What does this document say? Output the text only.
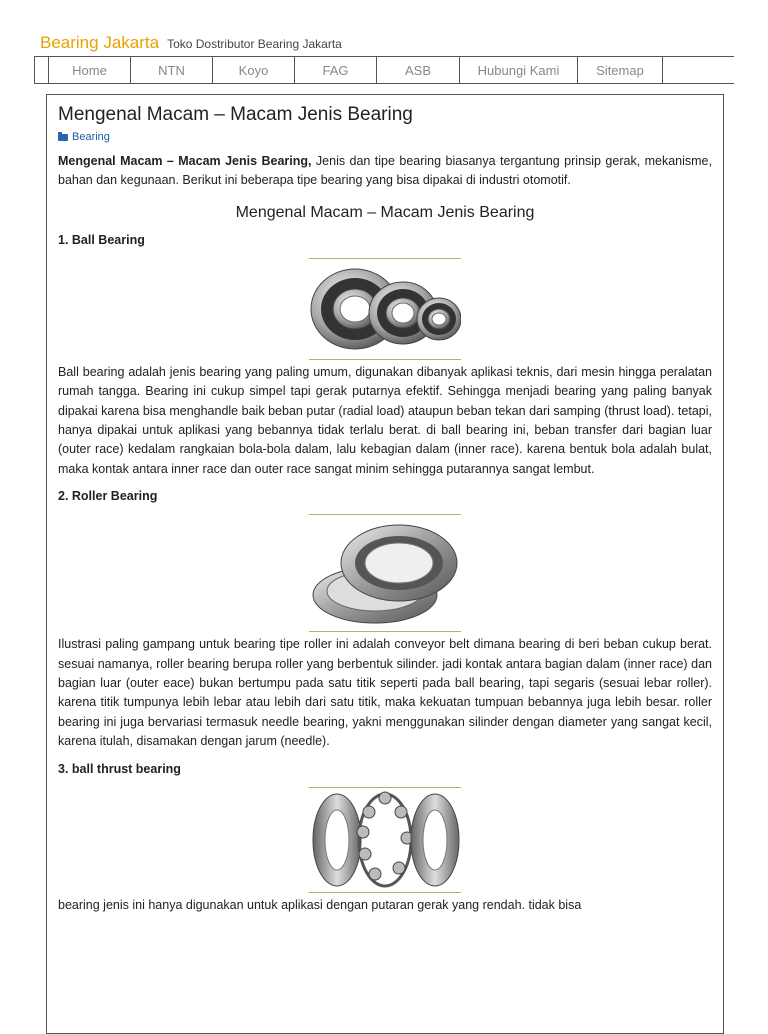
Bearing Jakarta Toko Dostributor Bearing Jakarta
Home	NTN	Koyo	FAG	ASB	Hubungi Kami	Sitemap
Mengenal Macam – Macam Jenis Bearing
Bearing

Mengenal Macam – Macam Jenis Bearing, Jenis dan tipe bearing biasanya tergantung prinsip gerak, mekanisme, bahan dan kegunaan. Berikut ini beberapa tipe bearing yang bisa dipakai di industri otomotif.

Mengenal Macam – Macam Jenis Bearing
1. Ball Bearing

Ball bearing adalah jenis bearing yang paling umum, digunakan dibanyak aplikasi teknis, dari mesin hingga peralatan rumah tangga. Bearing ini cukup simpel tapi gerak putarnya efektif. Sehingga menjadi bearing yang paling banyak dipakai karena bisa menghandle baik beban putar (radial load) ataupun beban tekan dari samping (thrust load). tetapi, hanya dipakai untuk aplikasi yang bebannya tidak terlalu berat. di ball bearing ini, beban transfer dari bagian luar (outer race) kedalam rangkaian bola-bola dalam, lalu kebagian dalam (inner race). karena bentuk bola adalah bulat, maka kontak antara inner race dan outer race sangat minim sehingga putarannya sangat lembut.

2. Roller Bearing

Ilustrasi paling gampang untuk bearing tipe roller ini adalah conveyor belt dimana bearing di beri beban cukup berat. sesuai namanya, roller bearing berupa roller yang berbentuk silinder. jadi kontak antara bagian dalam (inner race) dan bagian luar (outer eace) bukan bertumpu pada satu titik seperti pada ball bearing, tapi segaris (sesuai lebar roller). karena titik tumpunya lebih lebar atau lebih dari satu titik, maka kekuatan tumpuan bebannya juga lebih besar. roller bearing ini juga bervariasi termasuk needle bearing, yakni menggunakan silinder dengan diameter yang sangat kecil, karena itulah, disamakan dengan jarum (needle).

3. ball thrust bearing

bearing jenis ini hanya digunakan untuk aplikasi dengan putaran gerak yang rendah. tidak bisa
